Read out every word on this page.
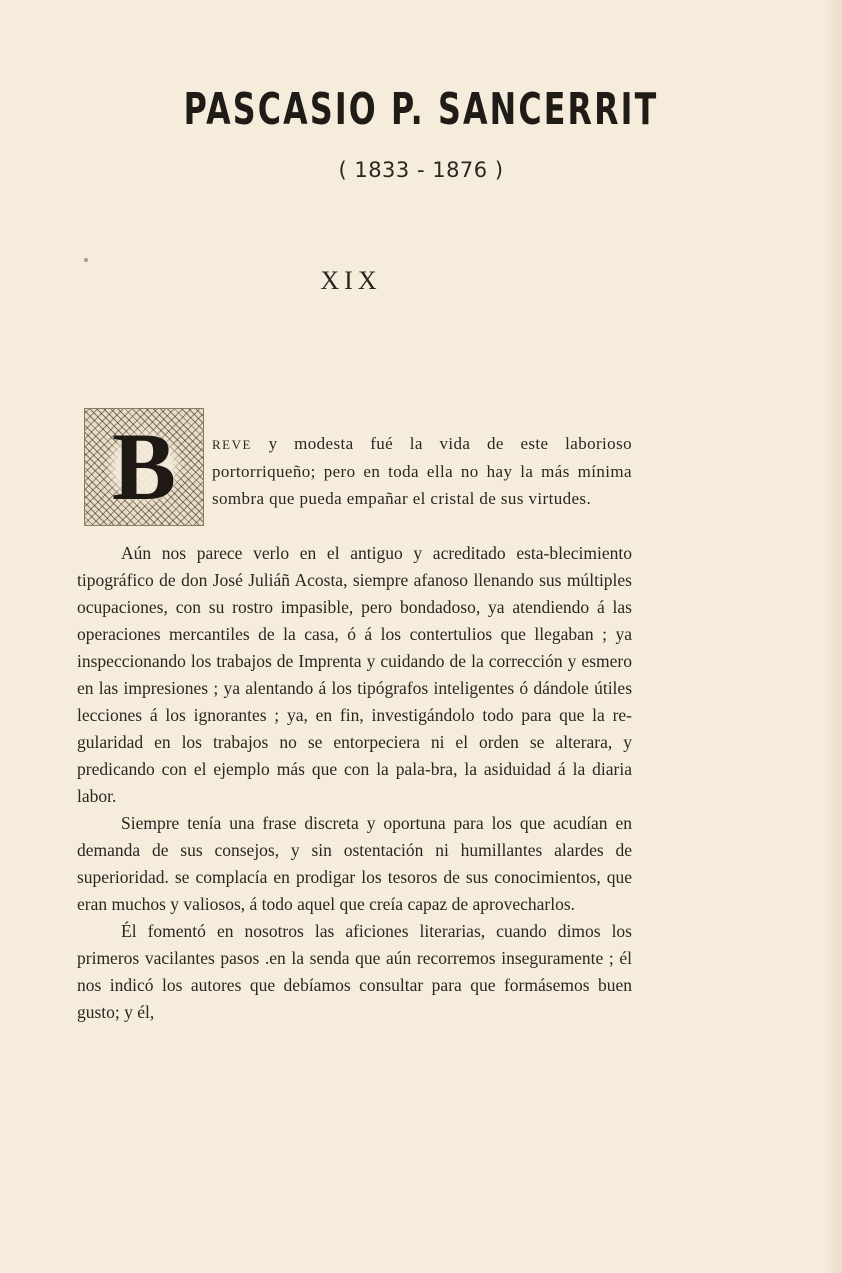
PASCASIO P. SANCERRIT
( 1833 - 1876 )
XIX
B	REVE y modesta fué la vida de este laborioso portorriqueño; pero en toda ella no hay la más mínima sombra que pueda empañar el cristal de sus virtudes.

Aún nos parece verlo en el antiguo y acreditado esta-blecimiento tipográfico de don José Juliáñ Acosta, siempre afanoso llenando sus múltiples ocupaciones, con su rostro impasible, pero bondadoso, ya atendiendo á las operaciones mercantiles de la casa, ó á los contertulios que llegaban ; ya inspeccionando los trabajos de Imprenta y cuidando de la corrección y esmero en las impresiones ; ya alentando á los tipógrafos inteligentes ó dándole útiles lecciones á los ignorantes ; ya, en fin, investigándolo todo para que la re-gularidad en los trabajos no se entorpeciera ni el orden se alterara, y predicando con el ejemplo más que con la pala-bra, la asiduidad á la diaria labor.

Siempre tenía una frase discreta y oportuna para los que acudían en demanda de sus consejos, y sin ostentación ni humillantes alardes de superioridad. se complacía en prodigar los tesoros de sus conocimientos, que eran muchos y valiosos, á todo aquel que creía capaz de aprovecharlos.

Él fomentó en nosotros las aficiones literarias, cuando dimos los primeros vacilantes pasos .en la senda que aún recorremos inseguramente ; él nos indicó los autores que debíamos consultar para que formásemos buen gusto; y él,
